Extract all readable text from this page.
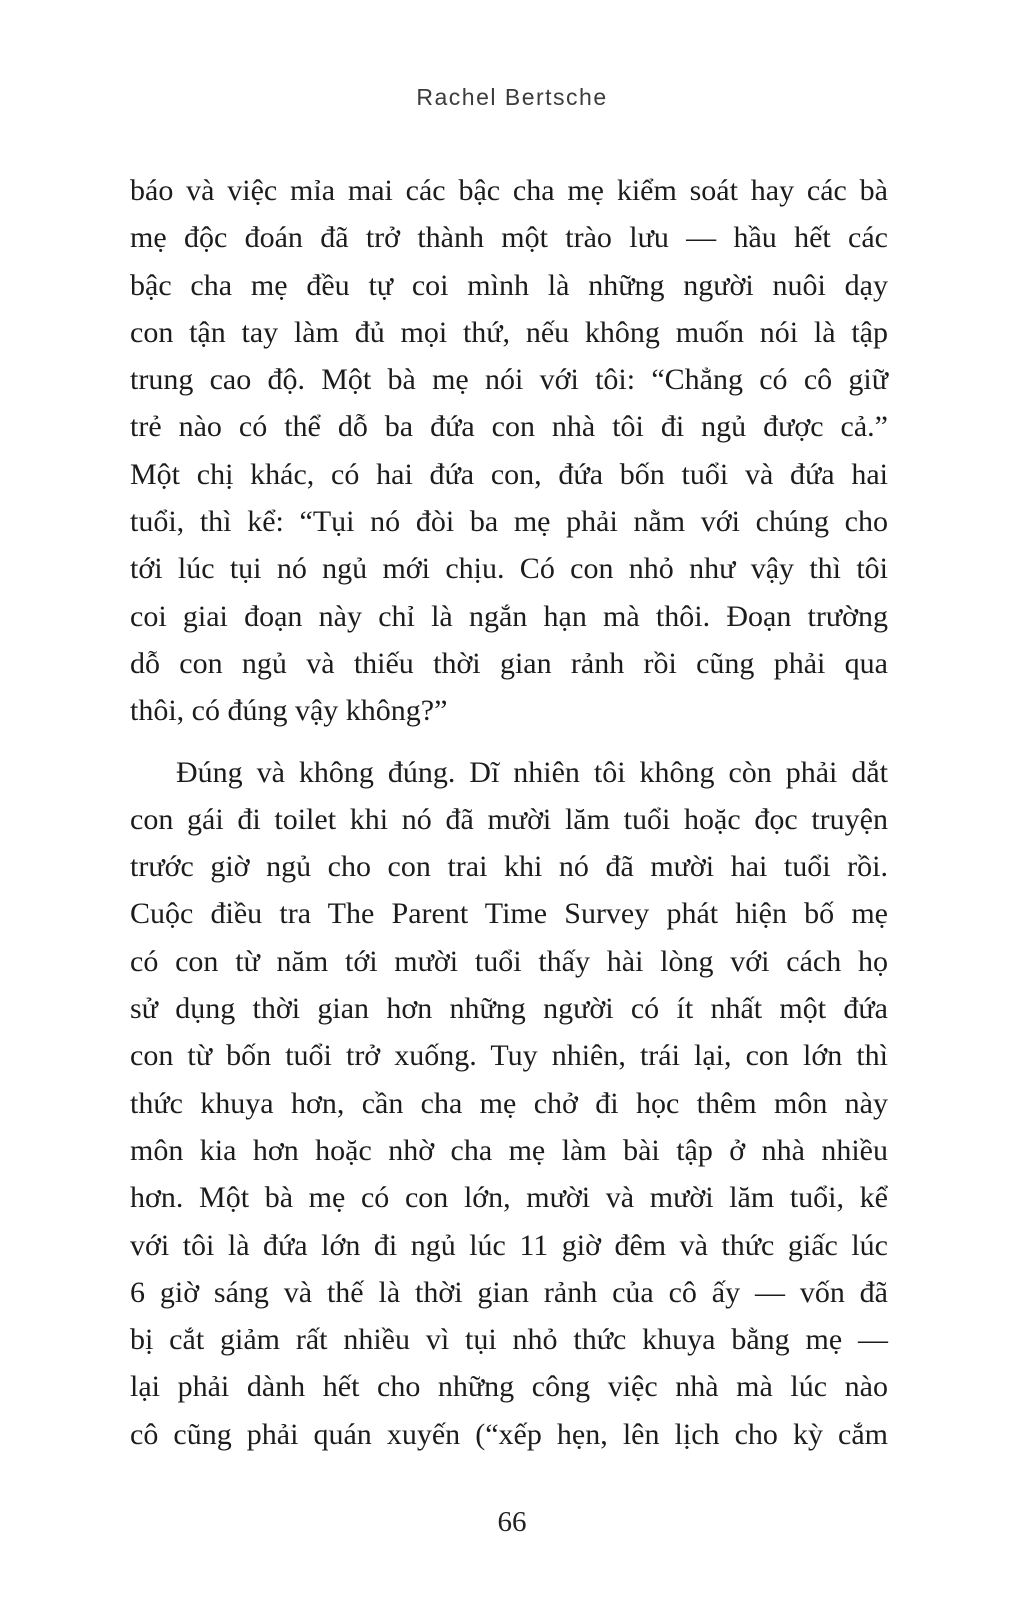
Rachel Bertsche
báo và việc mỉa mai các bậc cha mẹ kiểm soát hay các bà
mẹ độc đoán đã trở thành một trào lưu — hầu hết các
bậc cha mẹ đều tự coi mình là những người nuôi dạy
con tận tay làm đủ mọi thứ, nếu không muốn nói là tập
trung cao độ. Một bà mẹ nói với tôi: “Chẳng có cô giữ
trẻ nào có thể dỗ ba đứa con nhà tôi đi ngủ được cả.”
Một chị khác, có hai đứa con, đứa bốn tuổi và đứa hai
tuổi, thì kể: “Tụi nó đòi ba mẹ phải nằm với chúng cho
tới lúc tụi nó ngủ mới chịu. Có con nhỏ như vậy thì tôi
coi giai đoạn này chỉ là ngắn hạn mà thôi. Đoạn trường
dỗ con ngủ và thiếu thời gian rảnh rồi cũng phải qua
thôi, có đúng vậy không?”
Đúng và không đúng. Dĩ nhiên tôi không còn phải dắt
con gái đi toilet khi nó đã mười lăm tuổi hoặc đọc truyện
trước giờ ngủ cho con trai khi nó đã mười hai tuổi rồi.
Cuộc điều tra The Parent Time Survey phát hiện bố mẹ
có con từ năm tới mười tuổi thấy hài lòng với cách họ
sử dụng thời gian hơn những người có ít nhất một đứa
con từ bốn tuổi trở xuống. Tuy nhiên, trái lại, con lớn thì
thức khuya hơn, cần cha mẹ chở đi học thêm môn này
môn kia hơn hoặc nhờ cha mẹ làm bài tập ở nhà nhiều
hơn. Một bà mẹ có con lớn, mười và mười lăm tuổi, kể
với tôi là đứa lớn đi ngủ lúc 11 giờ đêm và thức giấc lúc
6 giờ sáng và thế là thời gian rảnh của cô ấy — vốn đã
bị cắt giảm rất nhiều vì tụi nhỏ thức khuya bằng mẹ —
lại phải dành hết cho những công việc nhà mà lúc nào
cô cũng phải quán xuyến (“xếp hẹn, lên lịch cho kỳ cắm
66
